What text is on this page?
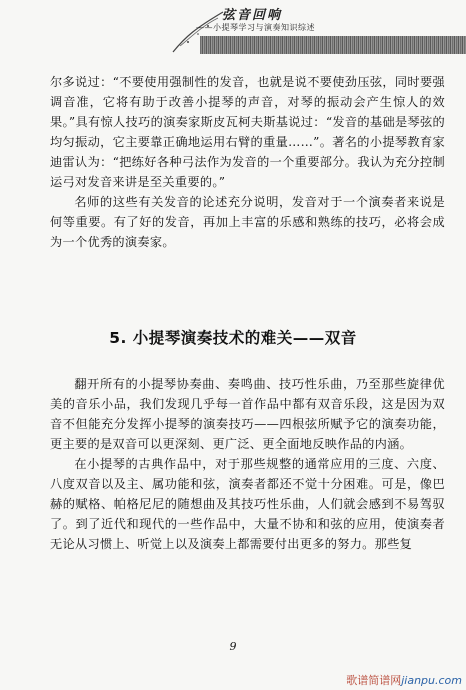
弦音回响
——小提琴学习与演奏知识综述

尔多说过：“不要使用强制性的发音，也就是说不要使劲压弦，同时要强调音准，它将有助于改善小提琴的声音，对琴的振动会产生惊人的效果。”具有惊人技巧的演奏家斯皮瓦柯夫斯基说过：“发音的基础是琴弦的均匀振动，它主要靠正确地运用右臂的重量……”。著名的小提琴教育家迪雷认为：“把练好各种弓法作为发音的一个重要部分。我认为充分控制运弓对发音来讲是至关重要的。”

名师的这些有关发音的论述充分说明，发音对于一个演奏者来说是何等重要。有了好的发音，再加上丰富的乐感和熟练的技巧，必将会成为一个优秀的演奏家。

5. 小提琴演奏技术的难关——双音

翻开所有的小提琴协奏曲、奏鸣曲、技巧性乐曲，乃至那些旋律优美的音乐小品，我们发现几乎每一首作品中都有双音乐段，这是因为双音不但能充分发挥小提琴的演奏技巧——四根弦所赋予它的演奏功能，更主要的是双音可以更深刻、更广泛、更全面地反映作品的内涵。

在小提琴的古典作品中，对于那些规整的通常应用的三度、六度、八度双音以及主、属功能和弦，演奏者都还不觉十分困难。可是，像巴赫的赋格、帕格尼尼的随想曲及其技巧性乐曲，人们就会感到不易驾驭了。到了近代和现代的一些作品中，大量不协和和弦的应用，使演奏者无论从习惯上、听觉上以及演奏上都需要付出更多的努力。那些复

9
歌谱简谱网jianpu.com
